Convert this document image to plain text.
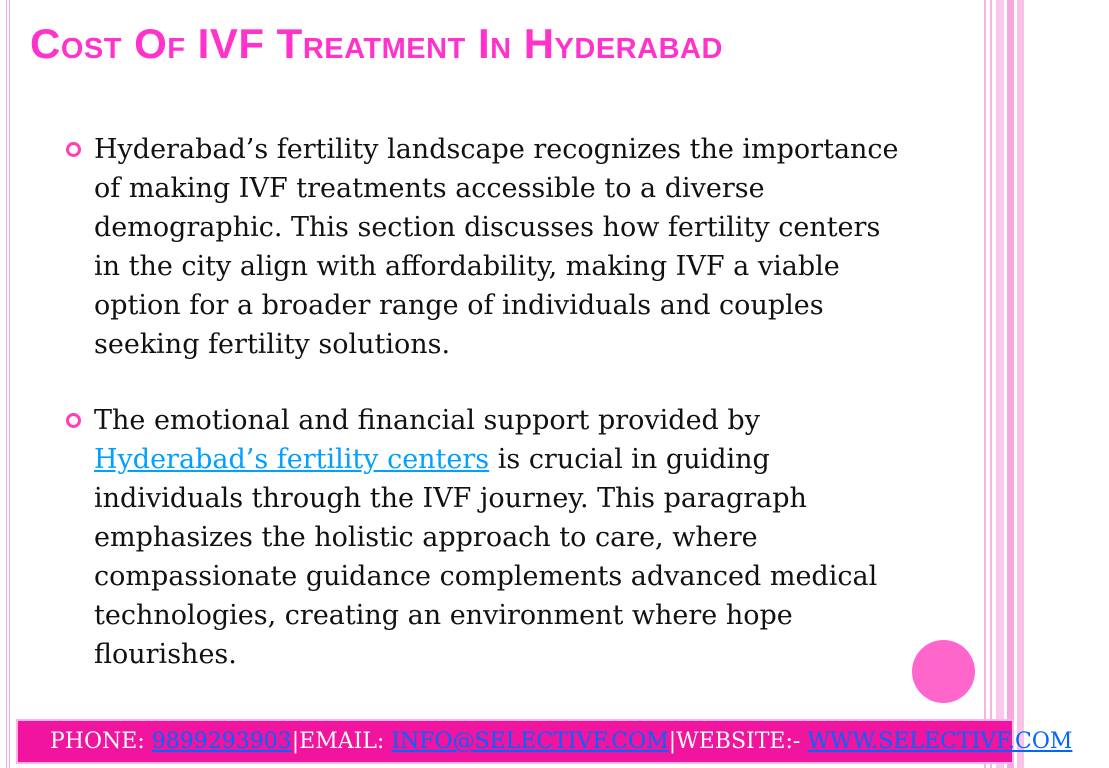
Cost Of IVF Treatment In Hyderabad
Hyderabad’s fertility landscape recognizes the importance of making IVF treatments accessible to a diverse demographic. This section discusses how fertility centers in the city align with affordability, making IVF a viable option for a broader range of individuals and couples seeking fertility solutions.
The emotional and financial support provided by Hyderabad’s fertility centers is crucial in guiding individuals through the IVF journey. This paragraph emphasizes the holistic approach to care, where compassionate guidance complements advanced medical technologies, creating an environment where hope flourishes.
PHONE:
9899293903 | EMAIL:
INFO@SELECTIVF.COM | WEBSITE:-
WWW.SELECTIVF.COM OO
